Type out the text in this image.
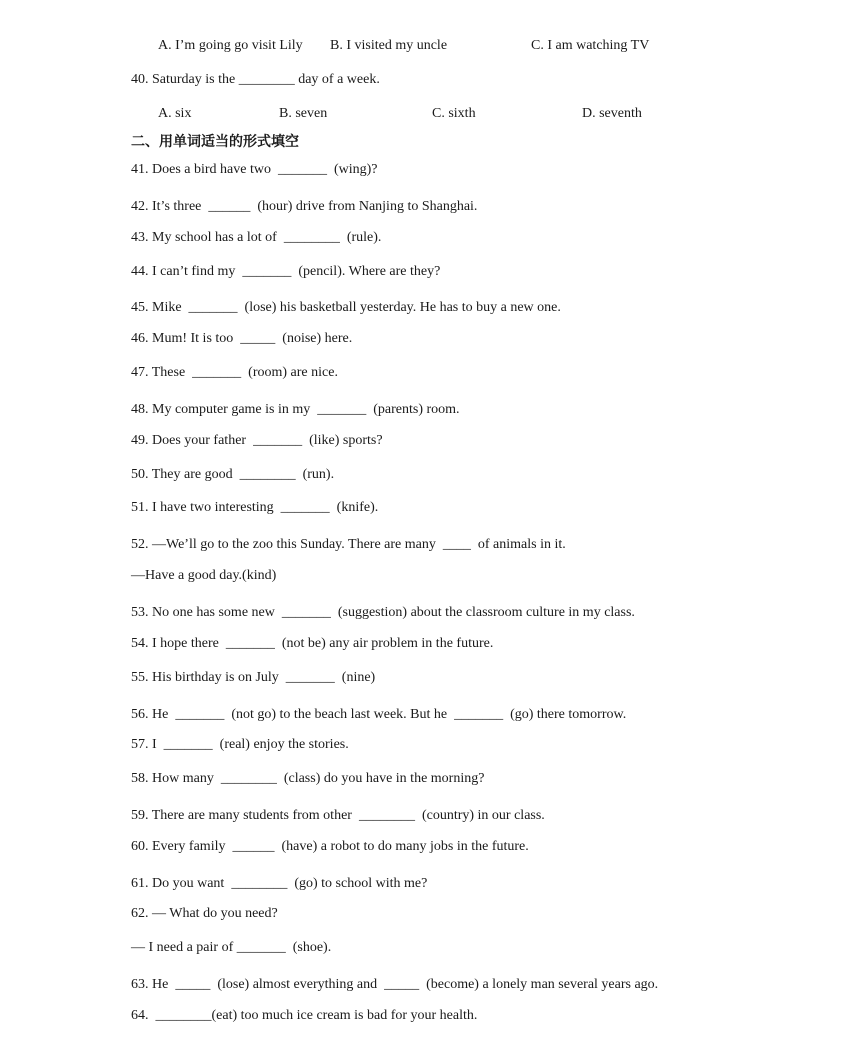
A. I’m going go visit Lily B. I visited my uncle	C. I am watching TV
40. Saturday is the ________ day of a week.
A. six	B. seven	C. sixth	D. seventh
二、用单词适当的形式填空
41. Does a bird have two  _______  (wing)?
42. It’s three  ______  (hour) drive from Nanjing to Shanghai.
43. My school has a lot of  ________  (rule).
44. I can’t find my  _______  (pencil). Where are they?
45. Mike  _______  (lose) his basketball yesterday. He has to buy a new one.
46. Mum! It is too  _____  (noise) here.
47. These  _______  (room) are nice.
48. My computer game is in my  _______  (parents) room.
49. Does your father  _______  (like) sports?
50. They are good  ________  (run).
51. I have two interesting  _______  (knife).
52. —We’ll go to the zoo this Sunday. There are many  ____  of animals in it.
—Have a good day.(kind)
53. No one has some new  _______  (suggestion) about the classroom culture in my class.
54. I hope there  _______  (not be) any air problem in the future.
55. His birthday is on July  _______  (nine)
56. He  _______  (not go) to the beach last week. But he  _______  (go) there tomorrow.
57. I  _______  (real) enjoy the stories.
58. How many  ________  (class) do you have in the morning?
59. There are many students from other  ________  (country) in our class.
60. Every family  ______  (have) a robot to do many jobs in the future.
61. Do you want  ________  (go) to school with me?
62. — What do you need?
— I need a pair of _______  (shoe).
63. He  _____  (lose) almost everything and  _____  (become) a lonely man several years ago.
64.  ________(eat) too much ice cream is bad for your health.
